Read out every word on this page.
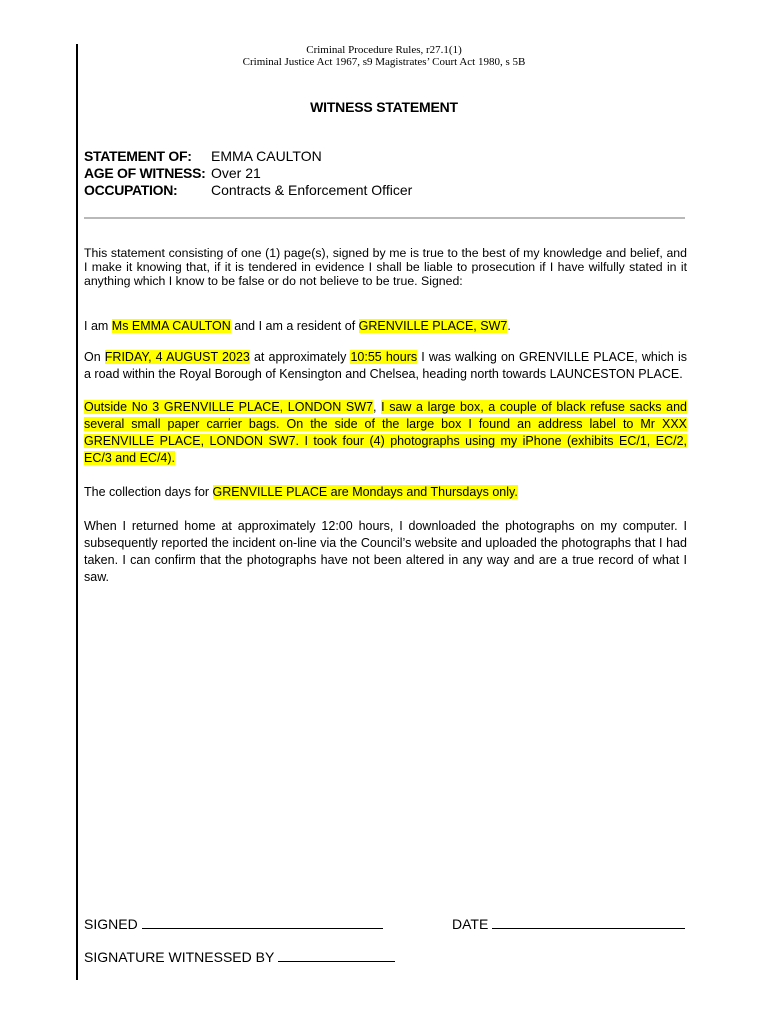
Criminal Procedure Rules, r27.1(1)
Criminal Justice Act 1967, s9 Magistrates’ Court Act 1980, s 5B
WITNESS STATEMENT
STATEMENT OF: EMMA CAULTON
AGE OF WITNESS: Over 21
OCCUPATION: Contracts & Enforcement Officer
This statement consisting of one (1) page(s), signed by me is true to the best of my knowledge and belief, and I make it knowing that, if it is tendered in evidence I shall be liable to prosecution if I have wilfully stated in it anything which I know to be false or do not believe to be true. Signed:
I am Ms EMMA CAULTON and I am a resident of GRENVILLE PLACE, SW7.
On FRIDAY, 4 AUGUST 2023 at approximately 10:55 hours I was walking on GRENVILLE PLACE, which is a road within the Royal Borough of Kensington and Chelsea, heading north towards LAUNCESTON PLACE.
Outside No 3 GRENVILLE PLACE, LONDON SW7, I saw a large box, a couple of black refuse sacks and several small paper carrier bags. On the side of the large box I found an address label to Mr XXX GRENVILLE PLACE, LONDON SW7. I took four (4) photographs using my iPhone (exhibits EC/1, EC/2, EC/3 and EC/4).
The collection days for GRENVILLE PLACE are Mondays and Thursdays only.
When I returned home at approximately 12:00 hours, I downloaded the photographs on my computer. I subsequently reported the incident on-line via the Council’s website and uploaded the photographs that I had taken. I can confirm that the photographs have not been altered in any way and are a true record of what I saw.
SIGNED	DATE
SIGNATURE WITNESSED BY
